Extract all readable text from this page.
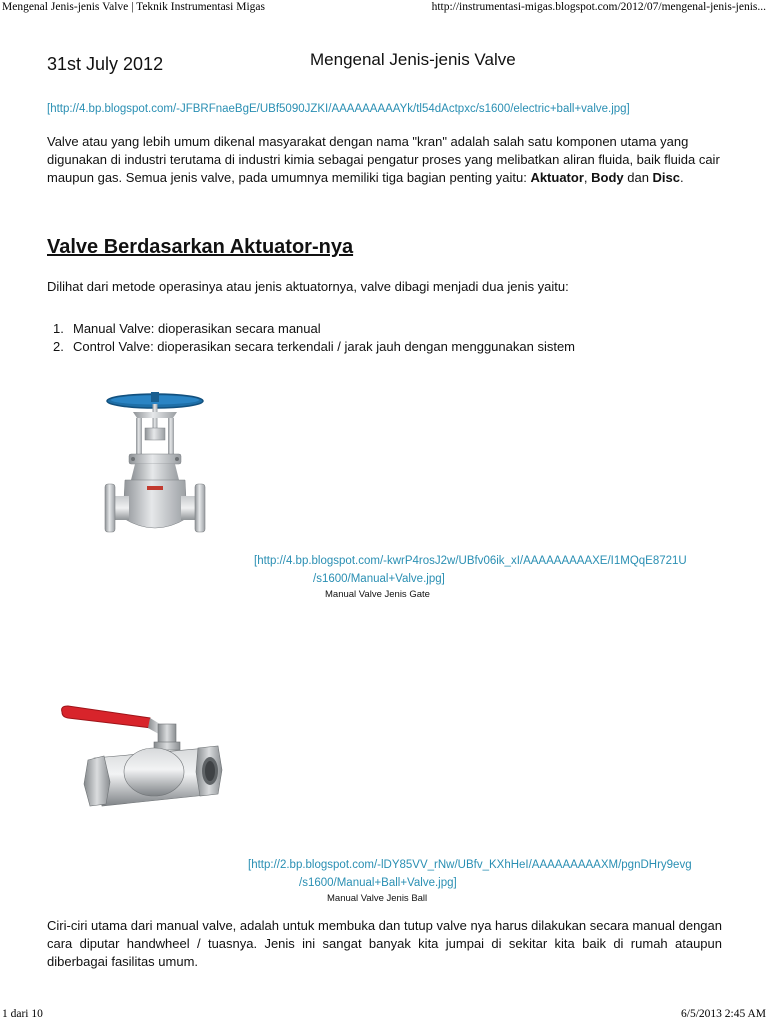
Mengenal Jenis-jenis Valve | Teknik Instrumentasi Migas	http://instrumentasi-migas.blogspot.com/2012/07/mengenal-jenis-jenis...
31st July 2012	Mengenal Jenis-jenis Valve
[http://4.bp.blogspot.com/-JFBRFnaeBgE/UBf5090JZKI/AAAAAAAAAYk/tl54dActpxc/s1600/electric+ball+valve.jpg]
Valve atau yang lebih umum dikenal masyarakat dengan nama "kran" adalah salah satu komponen utama yang digunakan di industri terutama di industri kimia sebagai pengatur proses yang melibatkan aliran fluida, baik fluida cair maupun gas. Semua jenis valve, pada umumnya memiliki tiga bagian penting yaitu: Aktuator, Body dan Disc.
Valve Berdasarkan Aktuator-nya
Dilihat dari metode operasinya atau jenis aktuatornya, valve dibagi menjadi dua jenis yaitu:
1. Manual Valve: dioperasikan secara manual
2. Control Valve: dioperasikan secara terkendali / jarak jauh dengan menggunakan sistem
[http://4.bp.blogspot.com/-kwrP4rosJ2w/UBfv06ik_xI/AAAAAAAAAXE/I1MQqE8721U
/s1600/Manual+Valve.jpg]
Manual Valve Jenis Gate
[http://2.bp.blogspot.com/-lDY85VV_rNw/UBfv_KXhHeI/AAAAAAAAAXM/pgnDHry9evg
/s1600/Manual+Ball+Valve.jpg]
Manual Valve Jenis Ball
Ciri-ciri utama dari manual valve, adalah untuk membuka dan tutup valve nya harus dilakukan secara manual dengan cara diputar handwheel / tuasnya. Jenis ini sangat banyak kita jumpai di sekitar kita baik di rumah ataupun diberbagai fasilitas umum.
1 dari 10	6/5/2013 2:45 AM
